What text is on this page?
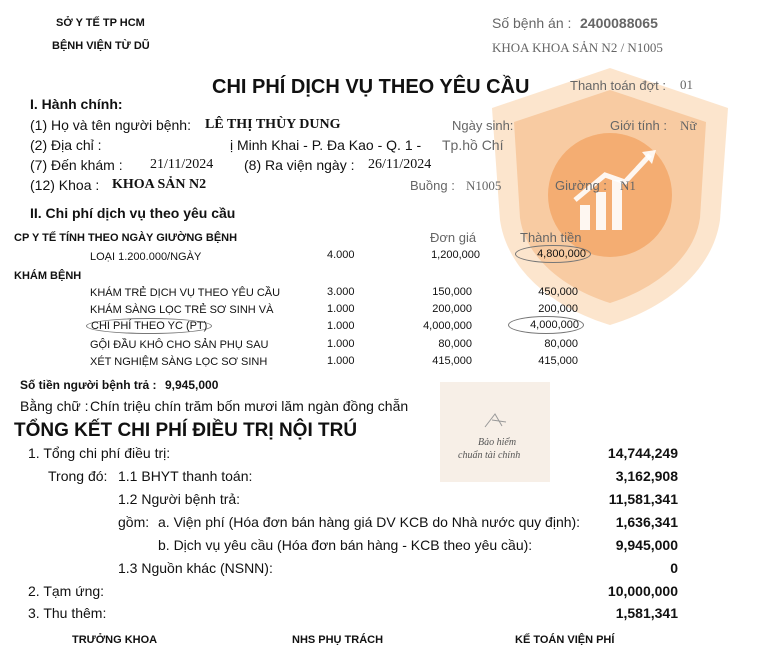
Bảo hiểm
chuẩn tài chính
SỞ Y TẾ TP HCM
BỆNH VIỆN TỪ DŨ
Số bệnh án : 2400088065
KHOA KHOA SẢN N2 / N1005
CHI PHÍ DỊCH VỤ THEO YÊU CẦU	Thanh toán đợt : 01
I. Hành chính:
(1) Họ và tên người bệnh: LÊ THỊ THÙY DUNG	Ngày sinh:	Giới tính : Nữ
(2) Địa chỉ :	ị Minh Khai - P. Đa Kao - Q. 1 - Tp.hồ Chí
(7) Đến khám : 21/11/2024 (8) Ra viện ngày : 26/11/2024
(12) Khoa : KHOA SẢN N2	Buồng : N1005	Giường : N1
II. Chi phí dịch vụ theo yêu cầu
Đơn giá	Thành tiền
CP Y TẾ TÍNH THEO NGÀY GIƯỜNG BỆNH
LOẠI 1.200.000/NGÀY	4.000	1,200,000	4,800,000
KHÁM BỆNH
KHÁM TRẺ DỊCH VỤ THEO YÊU CẦU	3.000	150,000	450,000
KHÁM SÀNG LỌC TRẺ SƠ SINH VÀ	1.000	200,000	200,000
CHI PHÍ THEO YC (PT)	1.000	4,000,000	4,000,000
GỘI ĐẦU KHÔ CHO SẢN PHỤ SAU	1.000	80,000	80,000
XÉT NGHIỆM SÀNG LỌC SƠ SINH	1.000	415,000	415,000
Số tiền người bệnh trả : 9,945,000
Bằng chữ : Chín triệu chín trăm bốn mươi lăm ngàn đồng chẵn
TỔNG KẾT CHI PHÍ ĐIỀU TRỊ NỘI TRÚ
1. Tổng chi phí điều trị:	14,744,249
Trong đó: 1.1 BHYT thanh toán:	3,162,908
1.2 Người bệnh trả:	11,581,341
gồm: a. Viện phí (Hóa đơn bán hàng giá DV KCB do Nhà nước quy định):	1,636,341
b. Dịch vụ yêu cầu (Hóa đơn bán hàng - KCB theo yêu cầu):	9,945,000
1.3 Nguồn khác (NSNN):	0
2. Tạm ứng:	10,000,000
3. Thu thêm:	1,581,341
TRƯỞNG KHOA	NHS PHỤ TRÁCH	KẾ TOÁN VIỆN PHÍ
